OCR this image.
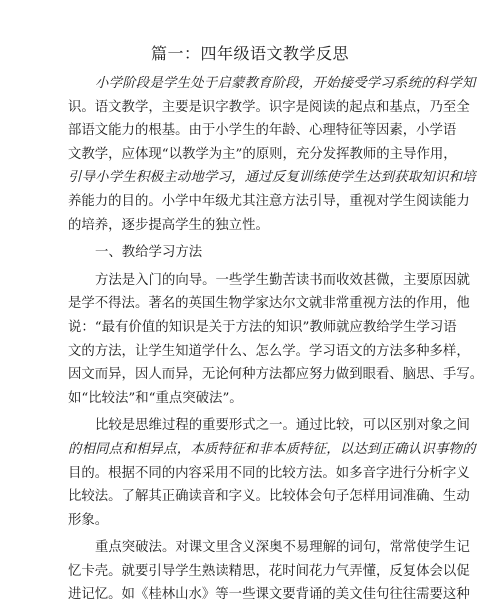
篇一：四年级语文教学反思
小学阶段是学生处于启蒙教育阶段，开始接受学习系统的科学知
识。语文教学，主要是识字教学。识字是阅读的起点和基点，乃至全
部语文能力的根基。由于小学生的年龄、心理特征等因素，小学语
文教学，应体现“以教学为主”的原则，充分发挥教师的主导作用，
引导小学生积极主动地学习，通过反复训练使学生达到获取知识和培
养能力的目的。小学中年级尤其注意方法引导，重视对学生阅读能力
的培养，逐步提高学生的独立性。
一、教给学习方法
方法是入门的向导。一些学生勤苦读书而收效甚微，主要原因就
是学不得法。著名的英国生物学家达尔文就非常重视方法的作用，他
说：“最有价值的知识是关于方法的知识”教师就应教给学生学习语
文的方法，让学生知道学什么、怎么学。学习语文的方法多种多样，
因文而异，因人而异，无论何种方法都应努力做到眼看、脑思、手写。
如“比较法”和“重点突破法”。
比较是思维过程的重要形式之一。通过比较，可以区别对象之间
的相同点和相异点，本质特征和非本质特征，以达到正确认识事物的
目的。根据不同的内容采用不同的比较方法。如多音字进行分析字义
比较法。了解其正确读音和字义。比较体会句子怎样用词准确、生动
形象。
重点突破法。对课文里含义深奥不易理解的词句，常常使学生记
忆卡壳。就要引导学生熟读精思，花时间花力气弄懂，反复体会以促
进记忆。如《桂林山水》等一些课文要背诵的美文佳句往往需要这种
